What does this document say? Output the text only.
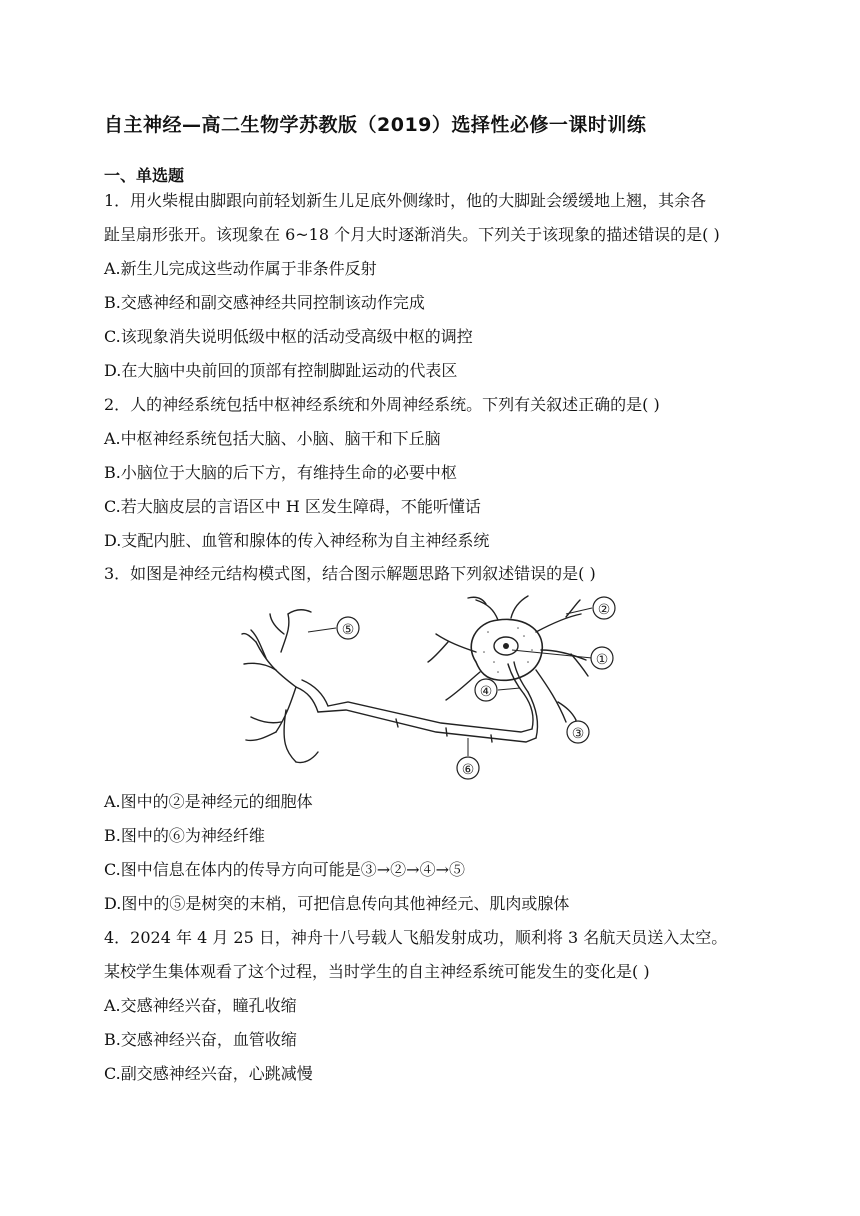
自主神经—高二生物学苏教版（2019）选择性必修一课时训练
一、单选题
1．用火柴棍由脚跟向前轻划新生儿足底外侧缘时，他的大脚趾会缓缓地上翘，其余各
趾呈扇形张开。该现象在 6~18 个月大时逐渐消失。下列关于该现象的描述错误的是( )
A.新生儿完成这些动作属于非条件反射
B.交感神经和副交感神经共同控制该动作完成
C.该现象消失说明低级中枢的活动受高级中枢的调控
D.在大脑中央前回的顶部有控制脚趾运动的代表区
2．人的神经系统包括中枢神经系统和外周神经系统。下列有关叙述正确的是( )
A.中枢神经系统包括大脑、小脑、脑干和下丘脑
B.小脑位于大脑的后下方，有维持生命的必要中枢
C.若大脑皮层的言语区中 H 区发生障碍，不能听懂话
D.支配内脏、血管和腺体的传入神经称为自主神经系统
3．如图是神经元结构模式图，结合图示解题思路下列叙述错误的是( )
①
②
③
④
⑤
⑥
A.图中的②是神经元的细胞体
B.图中的⑥为神经纤维
C.图中信息在体内的传导方向可能是③→②→④→⑤
D.图中的⑤是树突的末梢，可把信息传向其他神经元、肌肉或腺体
4．2024 年 4 月 25 日，神舟十八号载人飞船发射成功，顺利将 3 名航天员送入太空。
某校学生集体观看了这个过程，当时学生的自主神经系统可能发生的变化是( )
A.交感神经兴奋，瞳孔收缩
B.交感神经兴奋，血管收缩
C.副交感神经兴奋，心跳减慢
